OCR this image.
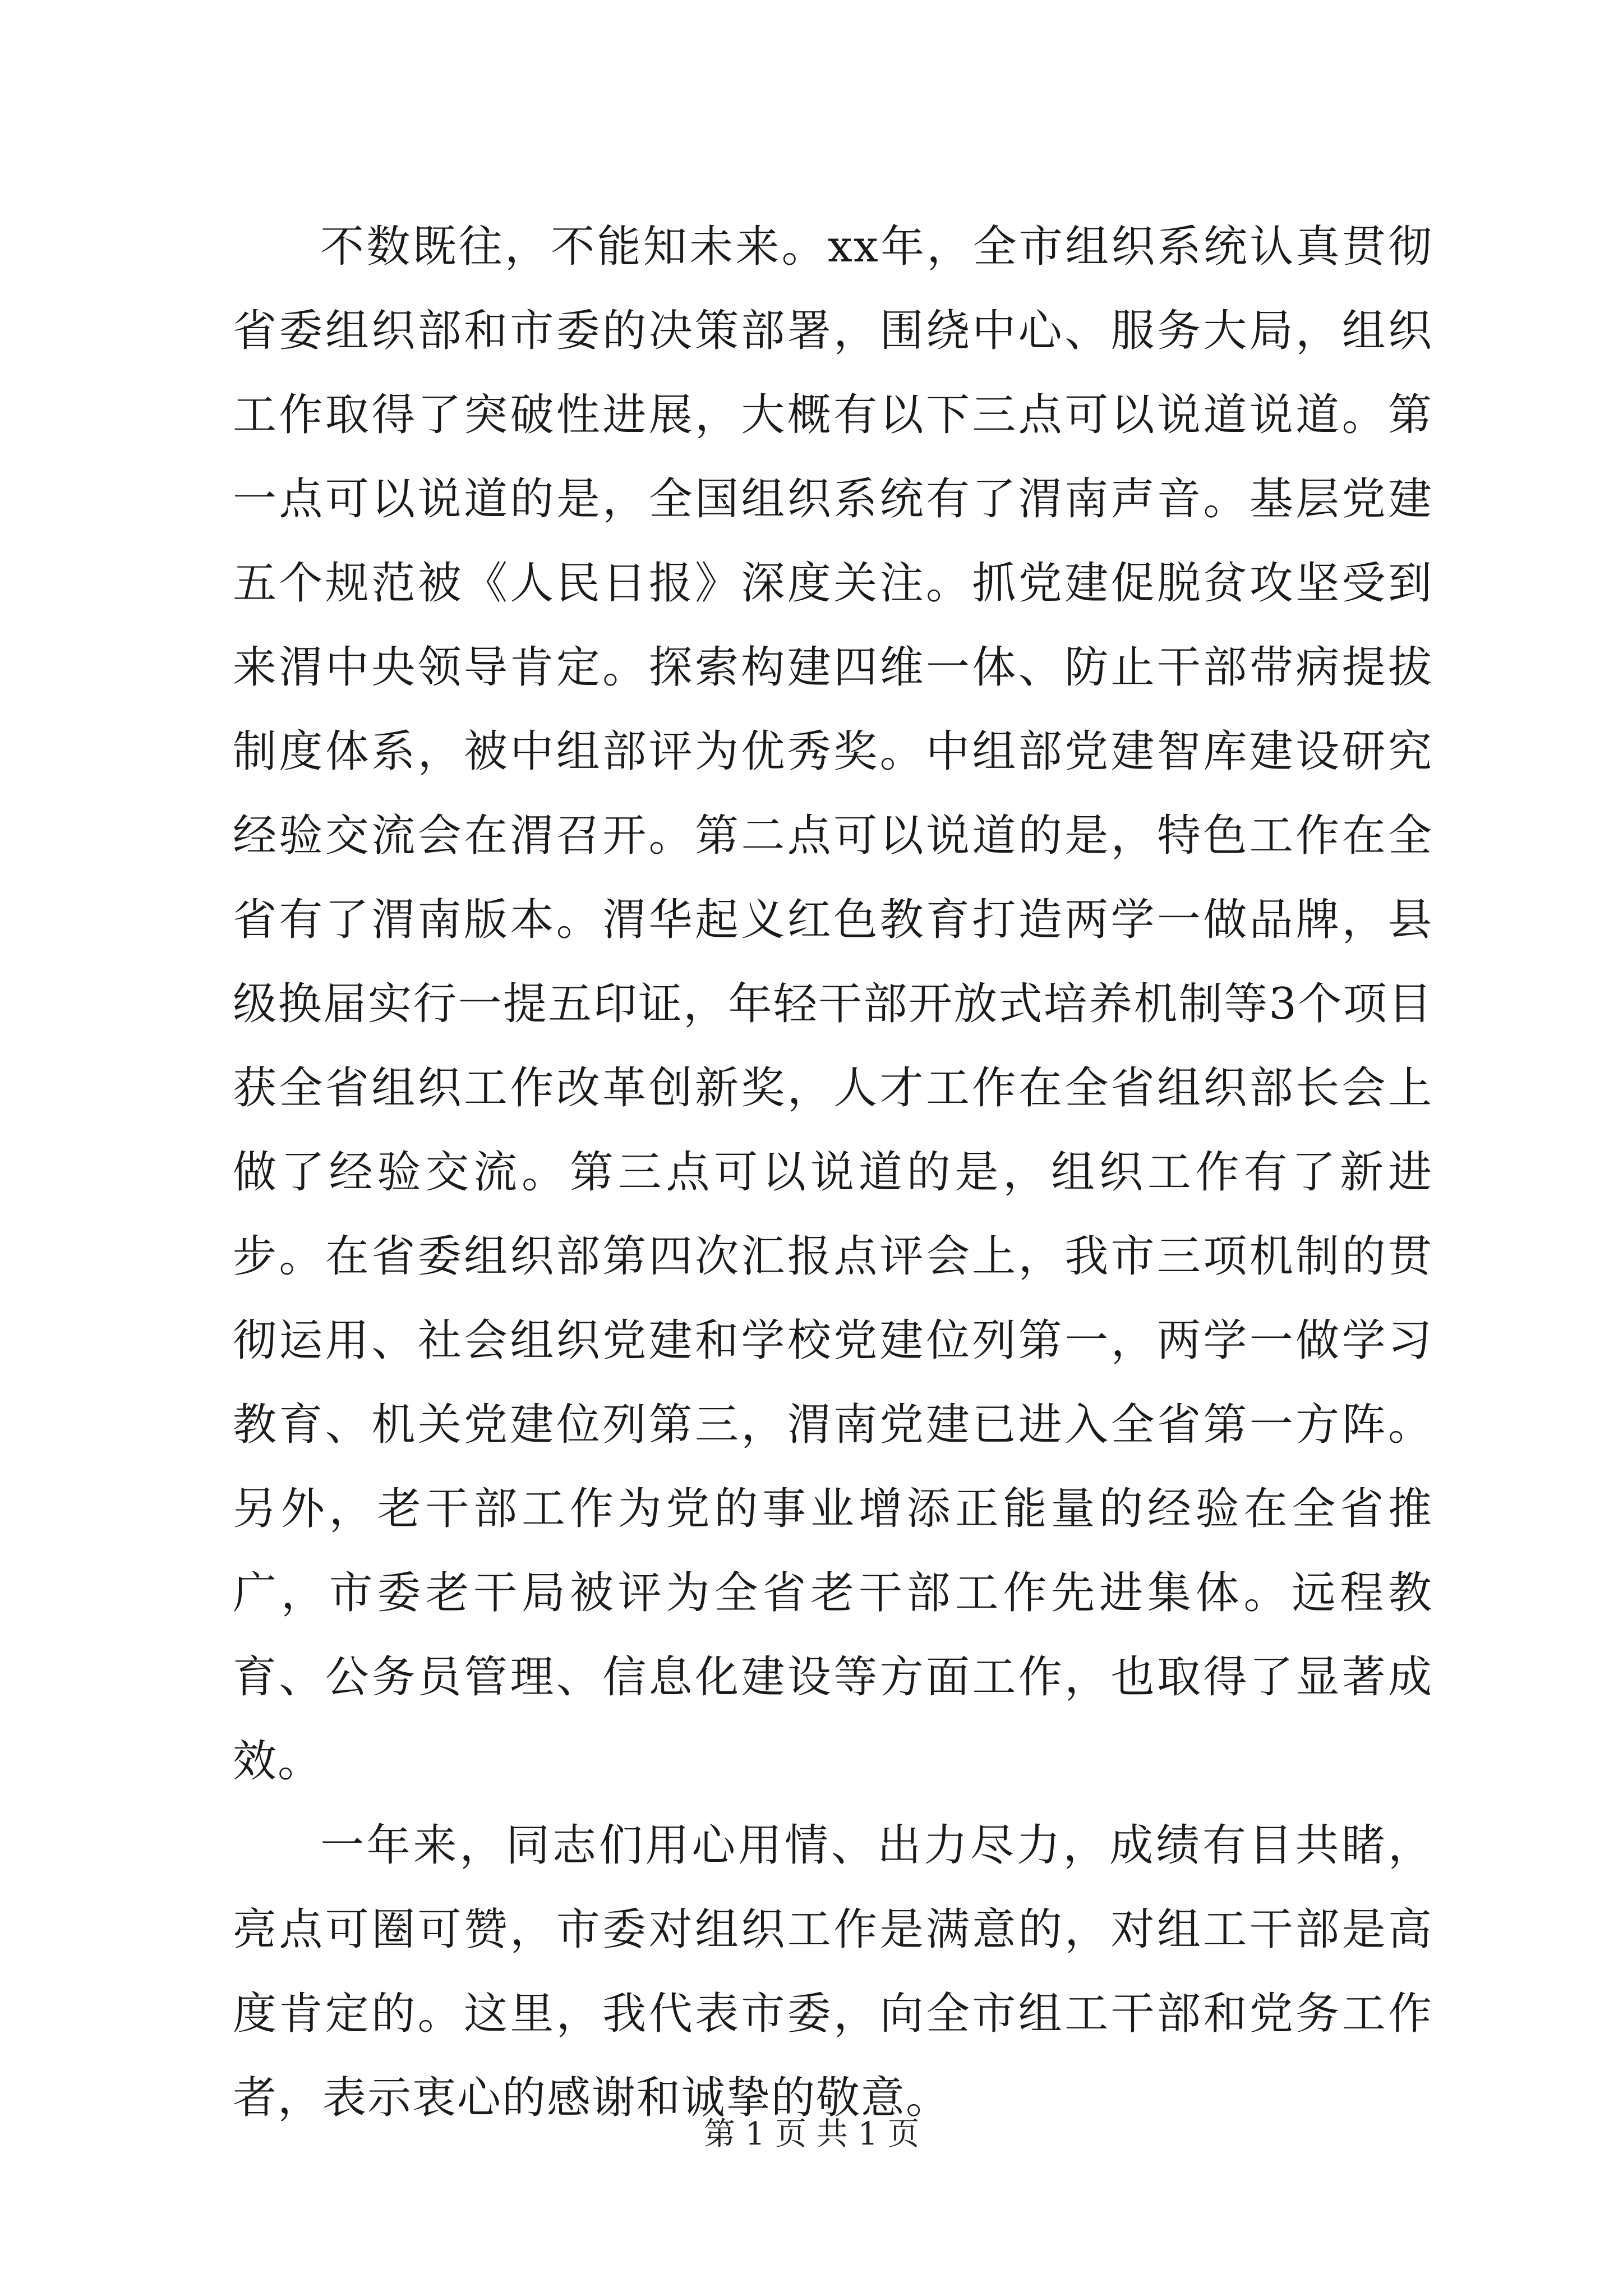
不数既往，不能知未来。xx年，全市组织系统认真贯彻省委组织部和市委的决策部署，围绕中心、服务大局，组织工作取得了突破性进展，大概有以下三点可以说道说道。第一点可以说道的是，全国组织系统有了渭南声音。基层党建五个规范被《人民日报》深度关注。抓党建促脱贫攻坚受到来渭中央领导肯定。探索构建四维一体、防止干部带病提拔制度体系，被中组部评为优秀奖。中组部党建智库建设研究经验交流会在渭召开。第二点可以说道的是，特色工作在全省有了渭南版本。渭华起义红色教育打造两学一做品牌，县级换届实行一提五印证，年轻干部开放式培养机制等3个项目获全省组织工作改革创新奖，人才工作在全省组织部长会上做了经验交流。第三点可以说道的是，组织工作有了新进步。在省委组织部第四次汇报点评会上，我市三项机制的贯彻运用、社会组织党建和学校党建位列第一，两学一做学习教育、机关党建位列第三，渭南党建已进入全省第一方阵。另外，老干部工作为党的事业增添正能量的经验在全省推广，市委老干局被评为全省老干部工作先进集体。远程教育、公务员管理、信息化建设等方面工作，也取得了显著成效。

一年来，同志们用心用情、出力尽力，成绩有目共睹，亮点可圈可赞，市委对组织工作是满意的，对组工干部是高度肯定的。这里，我代表市委，向全市组工干部和党务工作者，表示衷心的感谢和诚挚的敬意。

第 1 页 共 1 页
